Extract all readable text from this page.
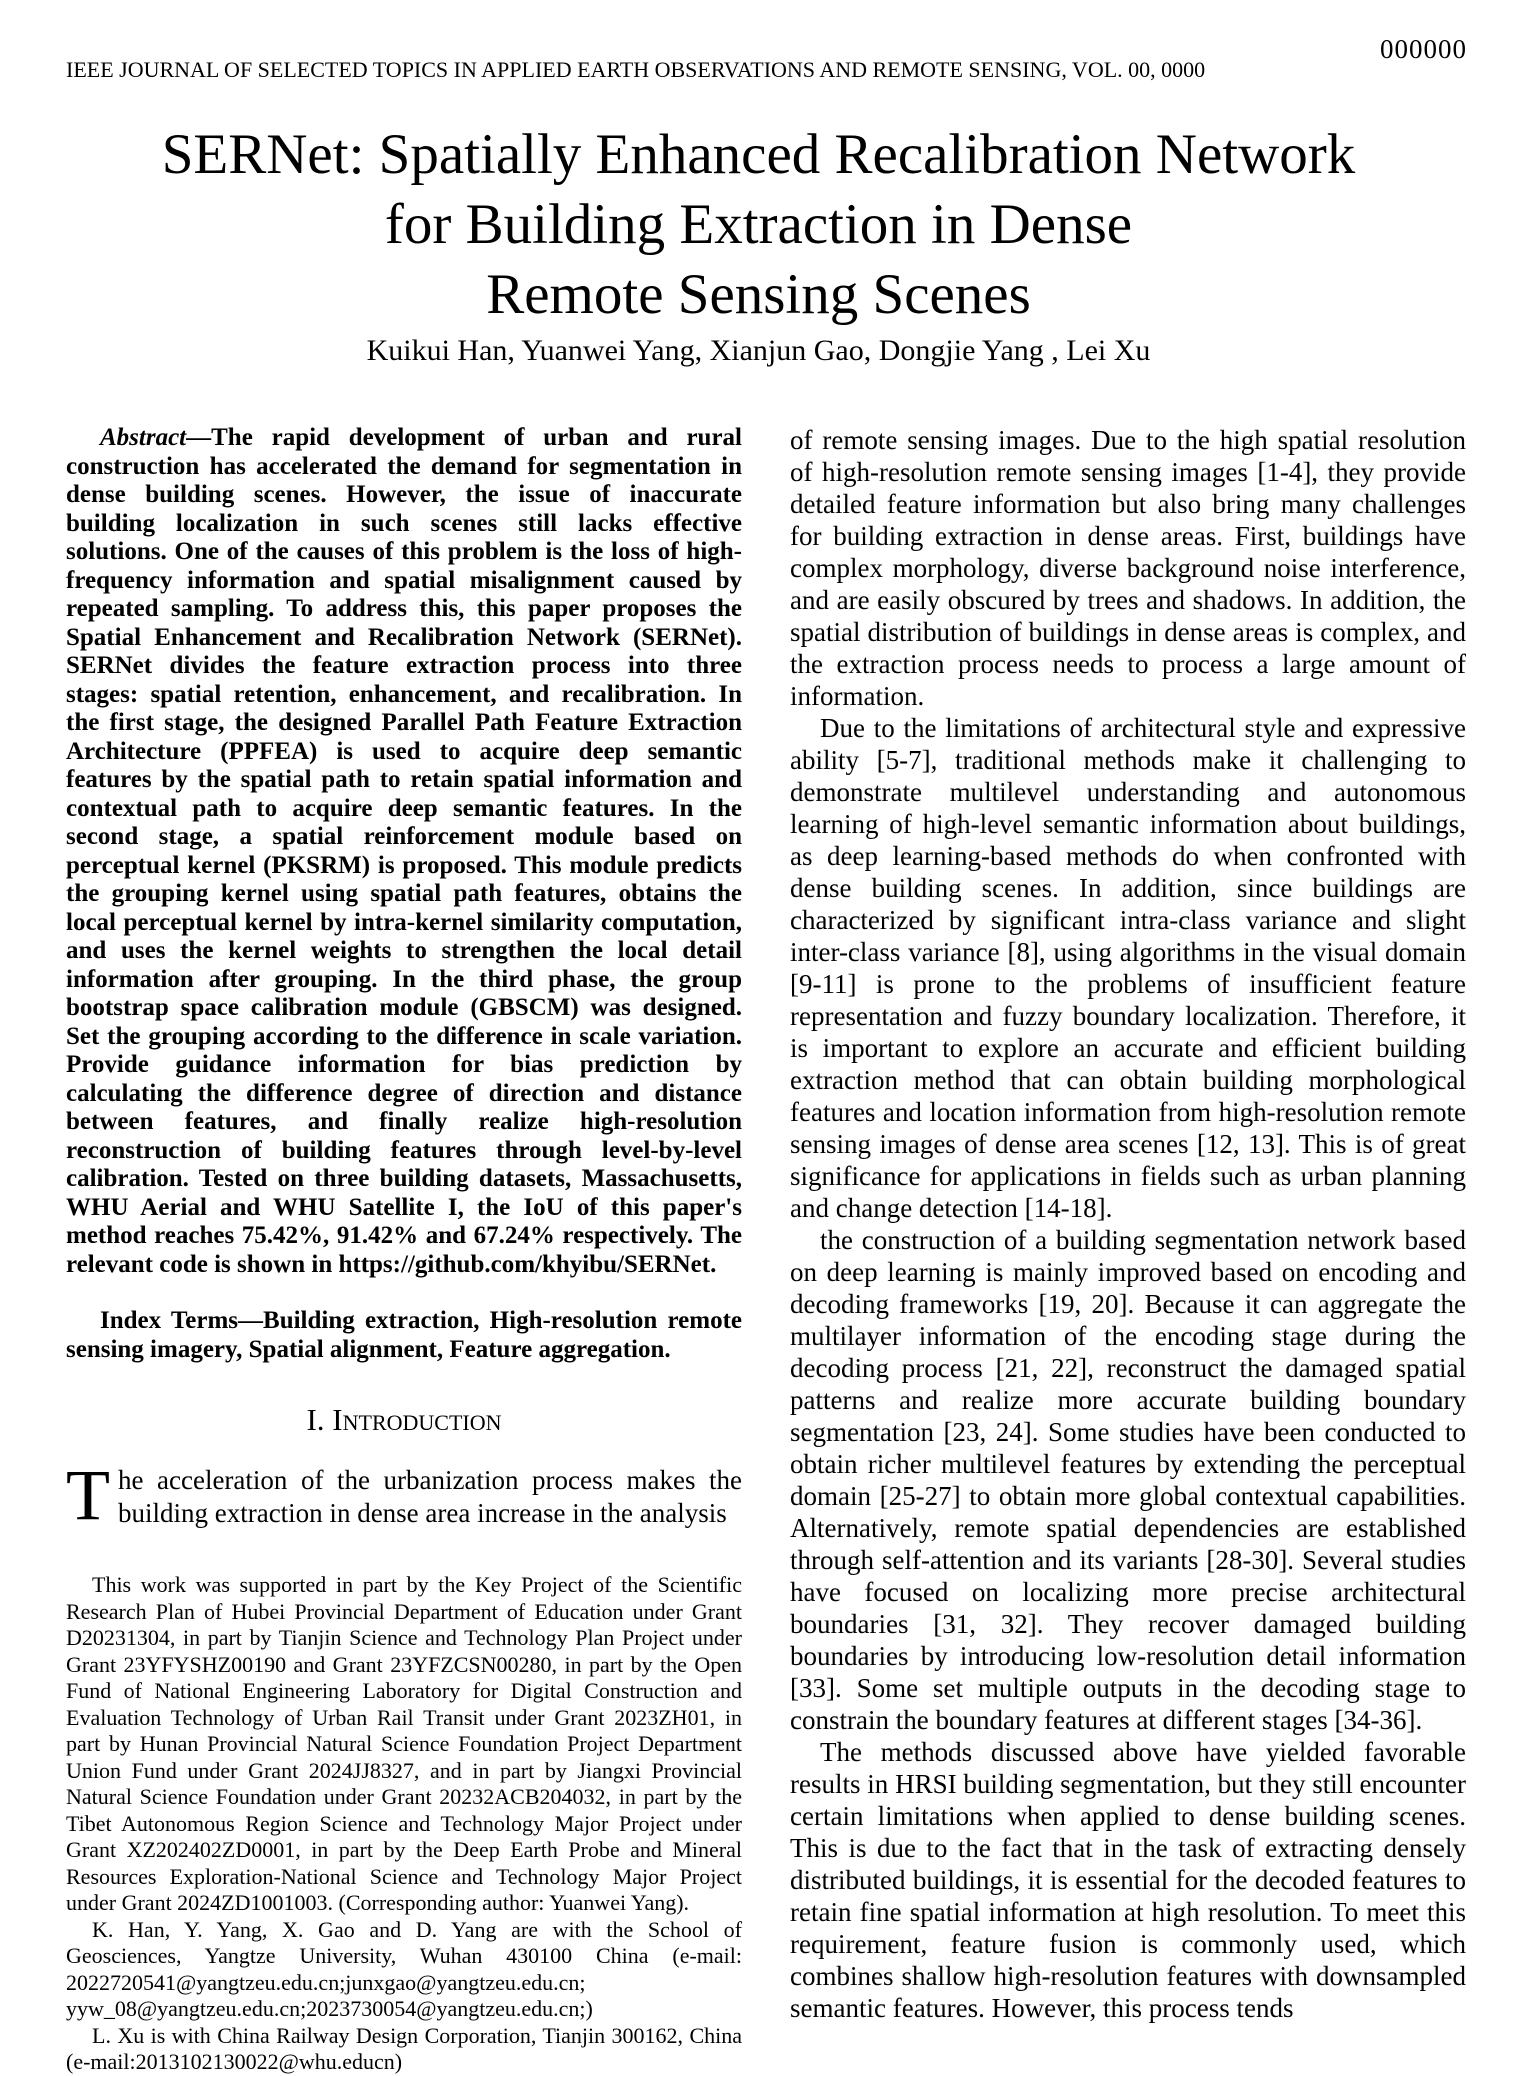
000000
IEEE JOURNAL OF SELECTED TOPICS IN APPLIED EARTH OBSERVATIONS AND REMOTE SENSING, VOL. 00, 0000
SERNet: Spatially Enhanced Recalibration Network
for Building Extraction in Dense
Remote Sensing Scenes
Kuikui Han, Yuanwei Yang, Xianjun Gao, Dongjie Yang , Lei Xu

Abstract—The rapid development of urban and rural construction has accelerated the demand for segmentation in dense building scenes. However, the issue of inaccurate building localization in such scenes still lacks effective solutions. One of the causes of this problem is the loss of high-frequency information and spatial misalignment caused by repeated sampling. To address this, this paper proposes the Spatial Enhancement and Recalibration Network (SERNet). SERNet divides the feature extraction process into three stages: spatial retention, enhancement, and recalibration. In the first stage, the designed Parallel Path Feature Extraction Architecture (PPFEA) is used to acquire deep semantic features by the spatial path to retain spatial information and contextual path to acquire deep semantic features. In the second stage, a spatial reinforcement module based on perceptual kernel (PKSRM) is proposed. This module predicts the grouping kernel using spatial path features, obtains the local perceptual kernel by intra-kernel similarity computation, and uses the kernel weights to strengthen the local detail information after grouping. In the third phase, the group bootstrap space calibration module (GBSCM) was designed. Set the grouping according to the difference in scale variation. Provide guidance information for bias prediction by calculating the difference degree of direction and distance between features, and finally realize high-resolution reconstruction of building features through level-by-level calibration. Tested on three building datasets, Massachusetts, WHU Aerial and WHU Satellite I, the IoU of this paper's method reaches 75.42%, 91.42% and 67.24% respectively. The relevant code is shown in https://github.com/khyibu/SERNet.

Index Terms—Building extraction, High-resolution remote sensing imagery, Spatial alignment, Feature aggregation.

I. Introduction

The acceleration of the urbanization process makes the building extraction in dense area increase in the analysis

This work was supported in part by the Key Project of the Scientific Research Plan of Hubei Provincial Department of Education under Grant D20231304, in part by Tianjin Science and Technology Plan Project under Grant 23YFYSHZ00190 and Grant 23YFZCSN00280, in part by the Open Fund of National Engineering Laboratory for Digital Construction and Evaluation Technology of Urban Rail Transit under Grant 2023ZH01, in part by Hunan Provincial Natural Science Foundation Project Department Union Fund under Grant 2024JJ8327, and in part by Jiangxi Provincial Natural Science Foundation under Grant 20232ACB204032, in part by the Tibet Autonomous Region Science and Technology Major Project under Grant XZ202402ZD0001, in part by the Deep Earth Probe and Mineral Resources Exploration-National Science and Technology Major Project under Grant 2024ZD1001003. (Corresponding author: Yuanwei Yang).

K. Han, Y. Yang, X. Gao and D. Yang are with the School of Geosciences, Yangtze University, Wuhan 430100 China (e-mail: 2022720541@yangtzeu.edu.cn;junxgao@yangtzeu.edu.cn; yyw_08@yangtzeu.edu.cn;2023730054@yangtzeu.edu.cn;)

L. Xu is with China Railway Design Corporation, Tianjin 300162, China (e-mail:2013102130022@whu.educn)

of remote sensing images. Due to the high spatial resolution of high-resolution remote sensing images [1-4], they provide detailed feature information but also bring many challenges for building extraction in dense areas. First, buildings have complex morphology, diverse background noise interference, and are easily obscured by trees and shadows. In addition, the spatial distribution of buildings in dense areas is complex, and the extraction process needs to process a large amount of information.

Due to the limitations of architectural style and expressive ability [5-7], traditional methods make it challenging to demonstrate multilevel understanding and autonomous learning of high-level semantic information about buildings, as deep learning-based methods do when confronted with dense building scenes. In addition, since buildings are characterized by significant intra-class variance and slight inter-class variance [8], using algorithms in the visual domain [9-11] is prone to the problems of insufficient feature representation and fuzzy boundary localization. Therefore, it is important to explore an accurate and efficient building extraction method that can obtain building morphological features and location information from high-resolution remote sensing images of dense area scenes [12, 13]. This is of great significance for applications in fields such as urban planning and change detection [14-18].

the construction of a building segmentation network based on deep learning is mainly improved based on encoding and decoding frameworks [19, 20]. Because it can aggregate the multilayer information of the encoding stage during the decoding process [21, 22], reconstruct the damaged spatial patterns and realize more accurate building boundary segmentation [23, 24]. Some studies have been conducted to obtain richer multilevel features by extending the perceptual domain [25-27] to obtain more global contextual capabilities. Alternatively, remote spatial dependencies are established through self-attention and its variants [28-30]. Several studies have focused on localizing more precise architectural boundaries [31, 32]. They recover damaged building boundaries by introducing low-resolution detail information [33]. Some set multiple outputs in the decoding stage to constrain the boundary features at different stages [34-36].

The methods discussed above have yielded favorable results in HRSI building segmentation, but they still encounter certain limitations when applied to dense building scenes. This is due to the fact that in the task of extracting densely distributed buildings, it is essential for the decoded features to retain fine spatial information at high resolution. To meet this requirement, feature fusion is commonly used, which combines shallow high-resolution features with downsampled semantic features. However, this process tends
